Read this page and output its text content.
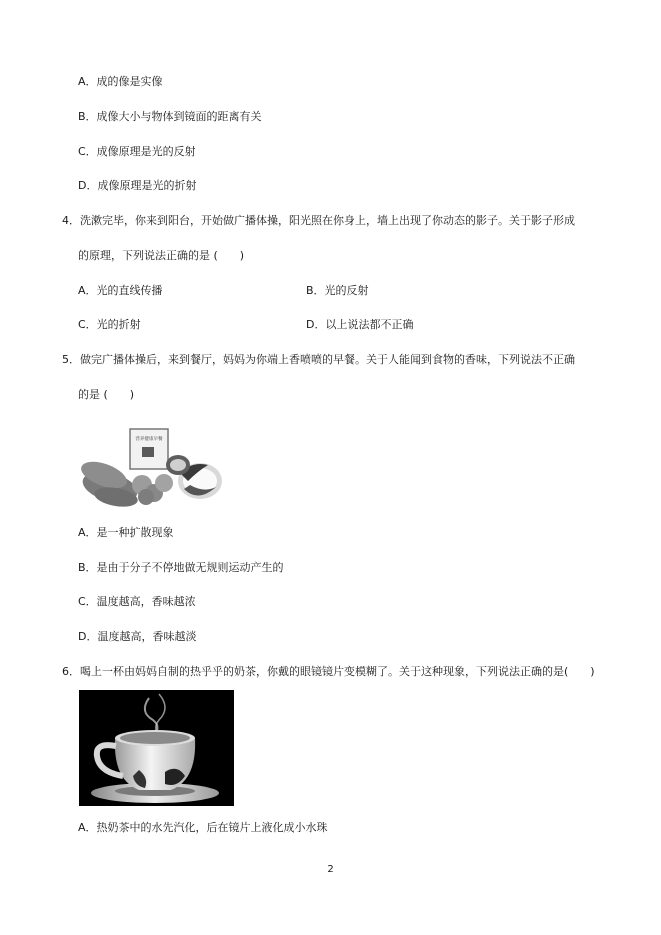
A．成的像是实像
B．成像大小与物体到镜面的距离有关
C．成像原理是光的反射
D．成像原理是光的折射
4．洗漱完毕，你来到阳台，开始做广播体操，阳光照在你身上，墙上出现了你动态的影子。关于影子形成
的原理，下列说法正确的是 (　　)
A．光的直线传播	B．光的反射
C．光的折射	D．以上说法都不正确
5．做完广播体操后，来到餐厅，妈妈为你端上香喷喷的早餐。关于人能闻到食物的香味，下列说法不正确
的是 (　　)
营养健康早餐
A．是一种扩散现象
B．是由于分子不停地做无规则运动产生的
C．温度越高，香味越浓
D．温度越高，香味越淡
6．喝上一杯由妈妈自制的热乎乎的奶茶，你戴的眼镜镜片变模糊了。关于这种现象，下列说法正确的是(　　)
A．热奶茶中的水先汽化，后在镜片上液化成小水珠
2
